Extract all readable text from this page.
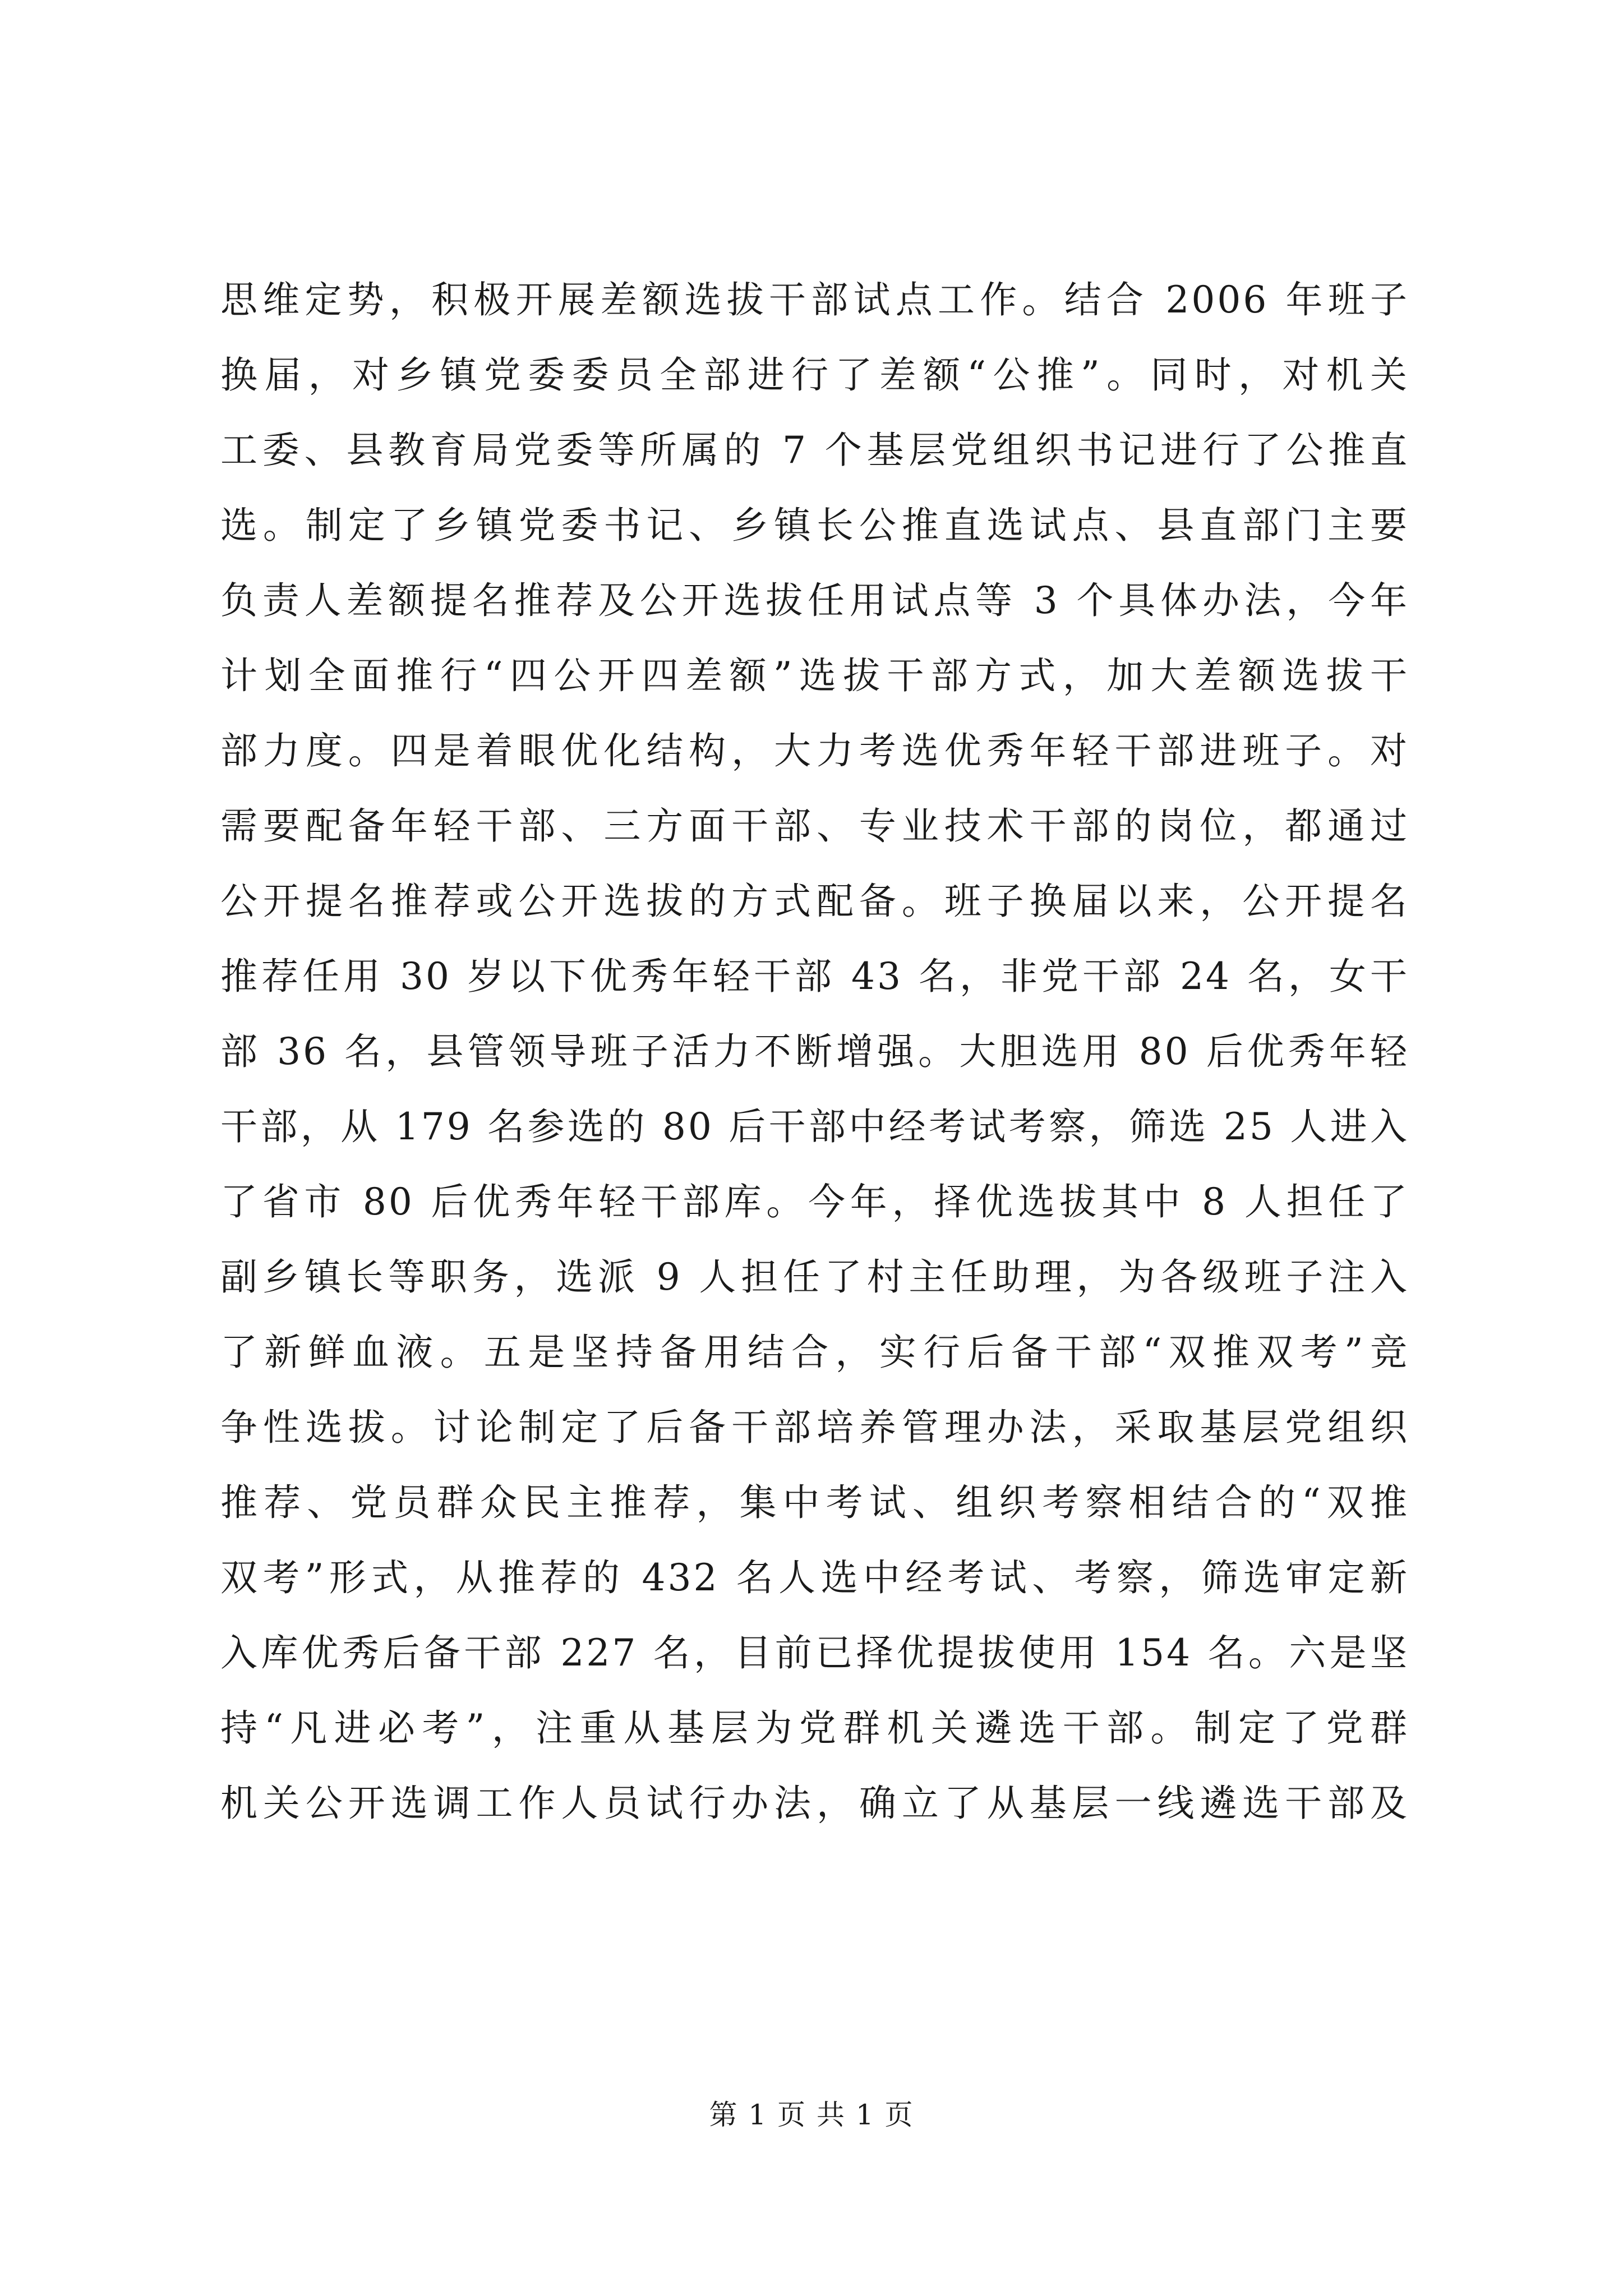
思维定势，积极开展差额选拔干部试点工作。结合 2006 年班子
换届，对乡镇党委委员全部进行了差额“公推”。同时，对机关
工委、县教育局党委等所属的 7 个基层党组织书记进行了公推直
选。制定了乡镇党委书记、乡镇长公推直选试点、县直部门主要
负责人差额提名推荐及公开选拔任用试点等 3 个具体办法，今年
计划全面推行“四公开四差额”选拔干部方式，加大差额选拔干
部力度。四是着眼优化结构，大力考选优秀年轻干部进班子。对
需要配备年轻干部、三方面干部、专业技术干部的岗位，都通过
公开提名推荐或公开选拔的方式配备。班子换届以来，公开提名
推荐任用 30 岁以下优秀年轻干部 43 名，非党干部 24 名，女干
部 36 名，县管领导班子活力不断增强。大胆选用 80 后优秀年轻
干部，从 179 名参选的 80 后干部中经考试考察，筛选 25 人进入
了省市 80 后优秀年轻干部库。今年，择优选拔其中 8 人担任了
副乡镇长等职务，选派 9 人担任了村主任助理，为各级班子注入
了新鲜血液。五是坚持备用结合，实行后备干部“双推双考”竞
争性选拔。讨论制定了后备干部培养管理办法，采取基层党组织
推荐、党员群众民主推荐，集中考试、组织考察相结合的“双推
双考”形式，从推荐的 432 名人选中经考试、考察，筛选审定新
入库优秀后备干部 227 名，目前已择优提拔使用 154 名。六是坚
持“凡进必考”，注重从基层为党群机关遴选干部。制定了党群
机关公开选调工作人员试行办法，确立了从基层一线遴选干部及
第 1 页 共 1 页
